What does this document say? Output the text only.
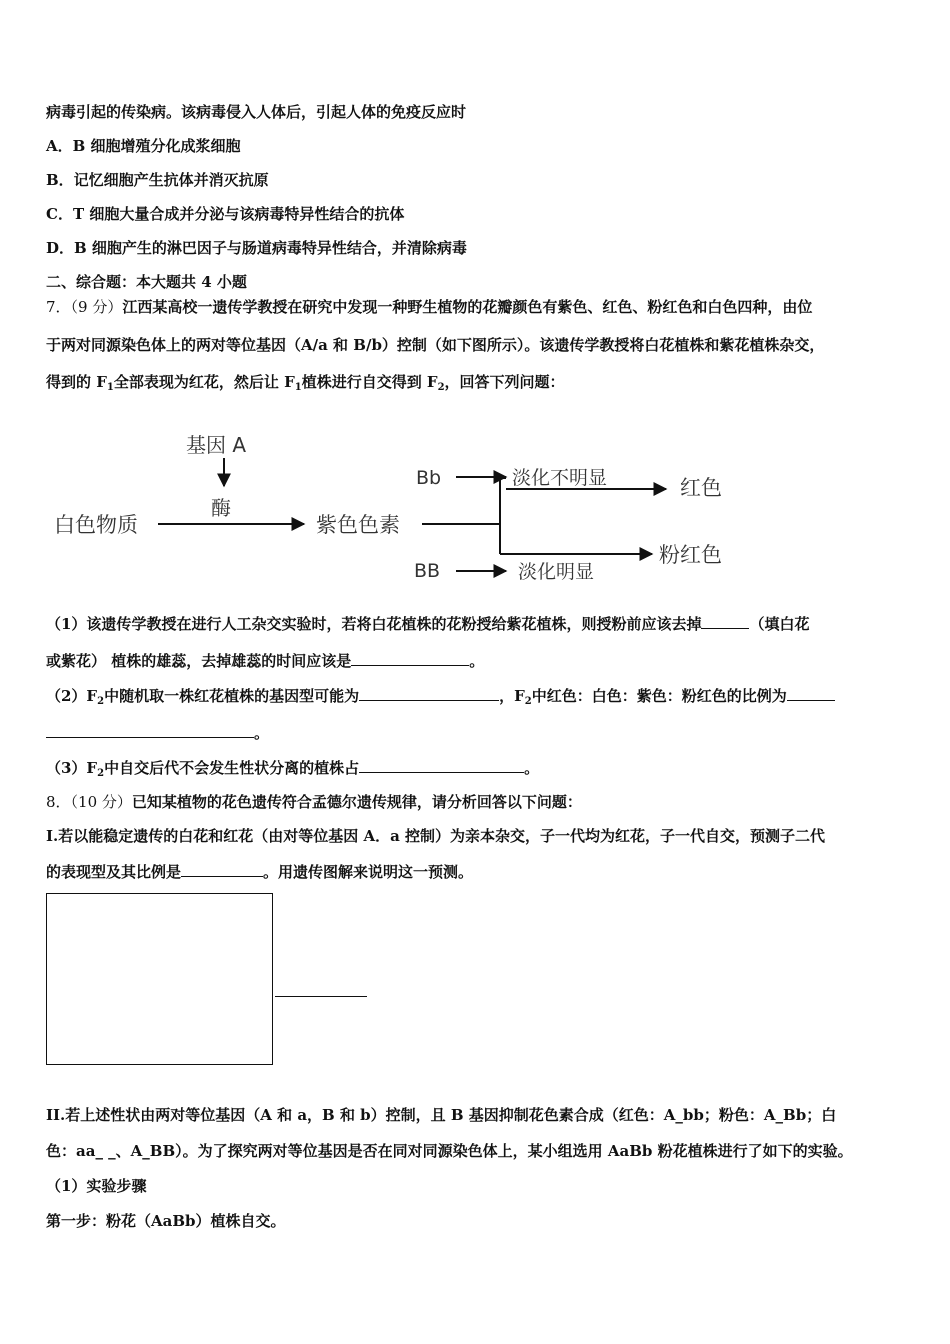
病毒引起的传染病。该病毒侵入人体后，引起人体的免疫反应时
A．B 细胞增殖分化成浆细胞
B．记忆细胞产生抗体并消灭抗原
C．T 细胞大量合成并分泌与该病毒特异性结合的抗体
D．B 细胞产生的淋巴因子与肠道病毒特异性结合，并清除病毒
二、综合题：本大题共 4 小题
7．（9 分）江西某高校一遗传学教授在研究中发现一种野生植物的花瓣颜色有紫色、红色、粉红色和白色四种，由位
于两对同源染色体上的两对等位基因（A/a 和 B/b）控制（如下图所示）。该遗传学教授将白花植株和紫花植株杂交，
得到的 $F_1$全部表现为红花，然后让 $F_1$植株进行自交得到 $F_2$，回答下列问题：
基因 A
酶
白色物质	紫色色素
Bb	淡化不明显	红色
BB	淡化明显
粉红色
（1）该遗传学教授在进行人工杂交实验时，若将白花植株的花粉授给紫花植株，则授粉前应该去掉	（填白花
或紫花） 植株的雄蕊，去掉雄蕊的时间应该是	。
$(2)F_2$中随机取一株红花植株的基因型可能为	，$F_2$中红色：白色：紫色：粉红色的比例为
。
$(3)F_2$中自交后代不会发生性状分离的植株占	。
8．（10 分）已知某植物的花色遗传符合孟德尔遗传规律，请分析回答以下问题：
I.若以能稳定遗传的白花和红花（由对等位基因 A．a 控制）为亲本杂交，子一代均为红花，子一代自交，预测子二代
的表现型及其比例是	。用遗传图解来说明这一预测。
II.若上述性状由两对等位基因（A 和 a，B 和 b）控制，且 B 基因抑制花色素合成（红色：A_bb；粉色：A_Bb；白
色：aa_ _、A_BB）。为了探究两对等位基因是否在同对同源染色体上，某小组选用 AaBb 粉花植株进行了如下的实验。
（1）实验步骤
第一步：粉花（AaBb）植株自交。
